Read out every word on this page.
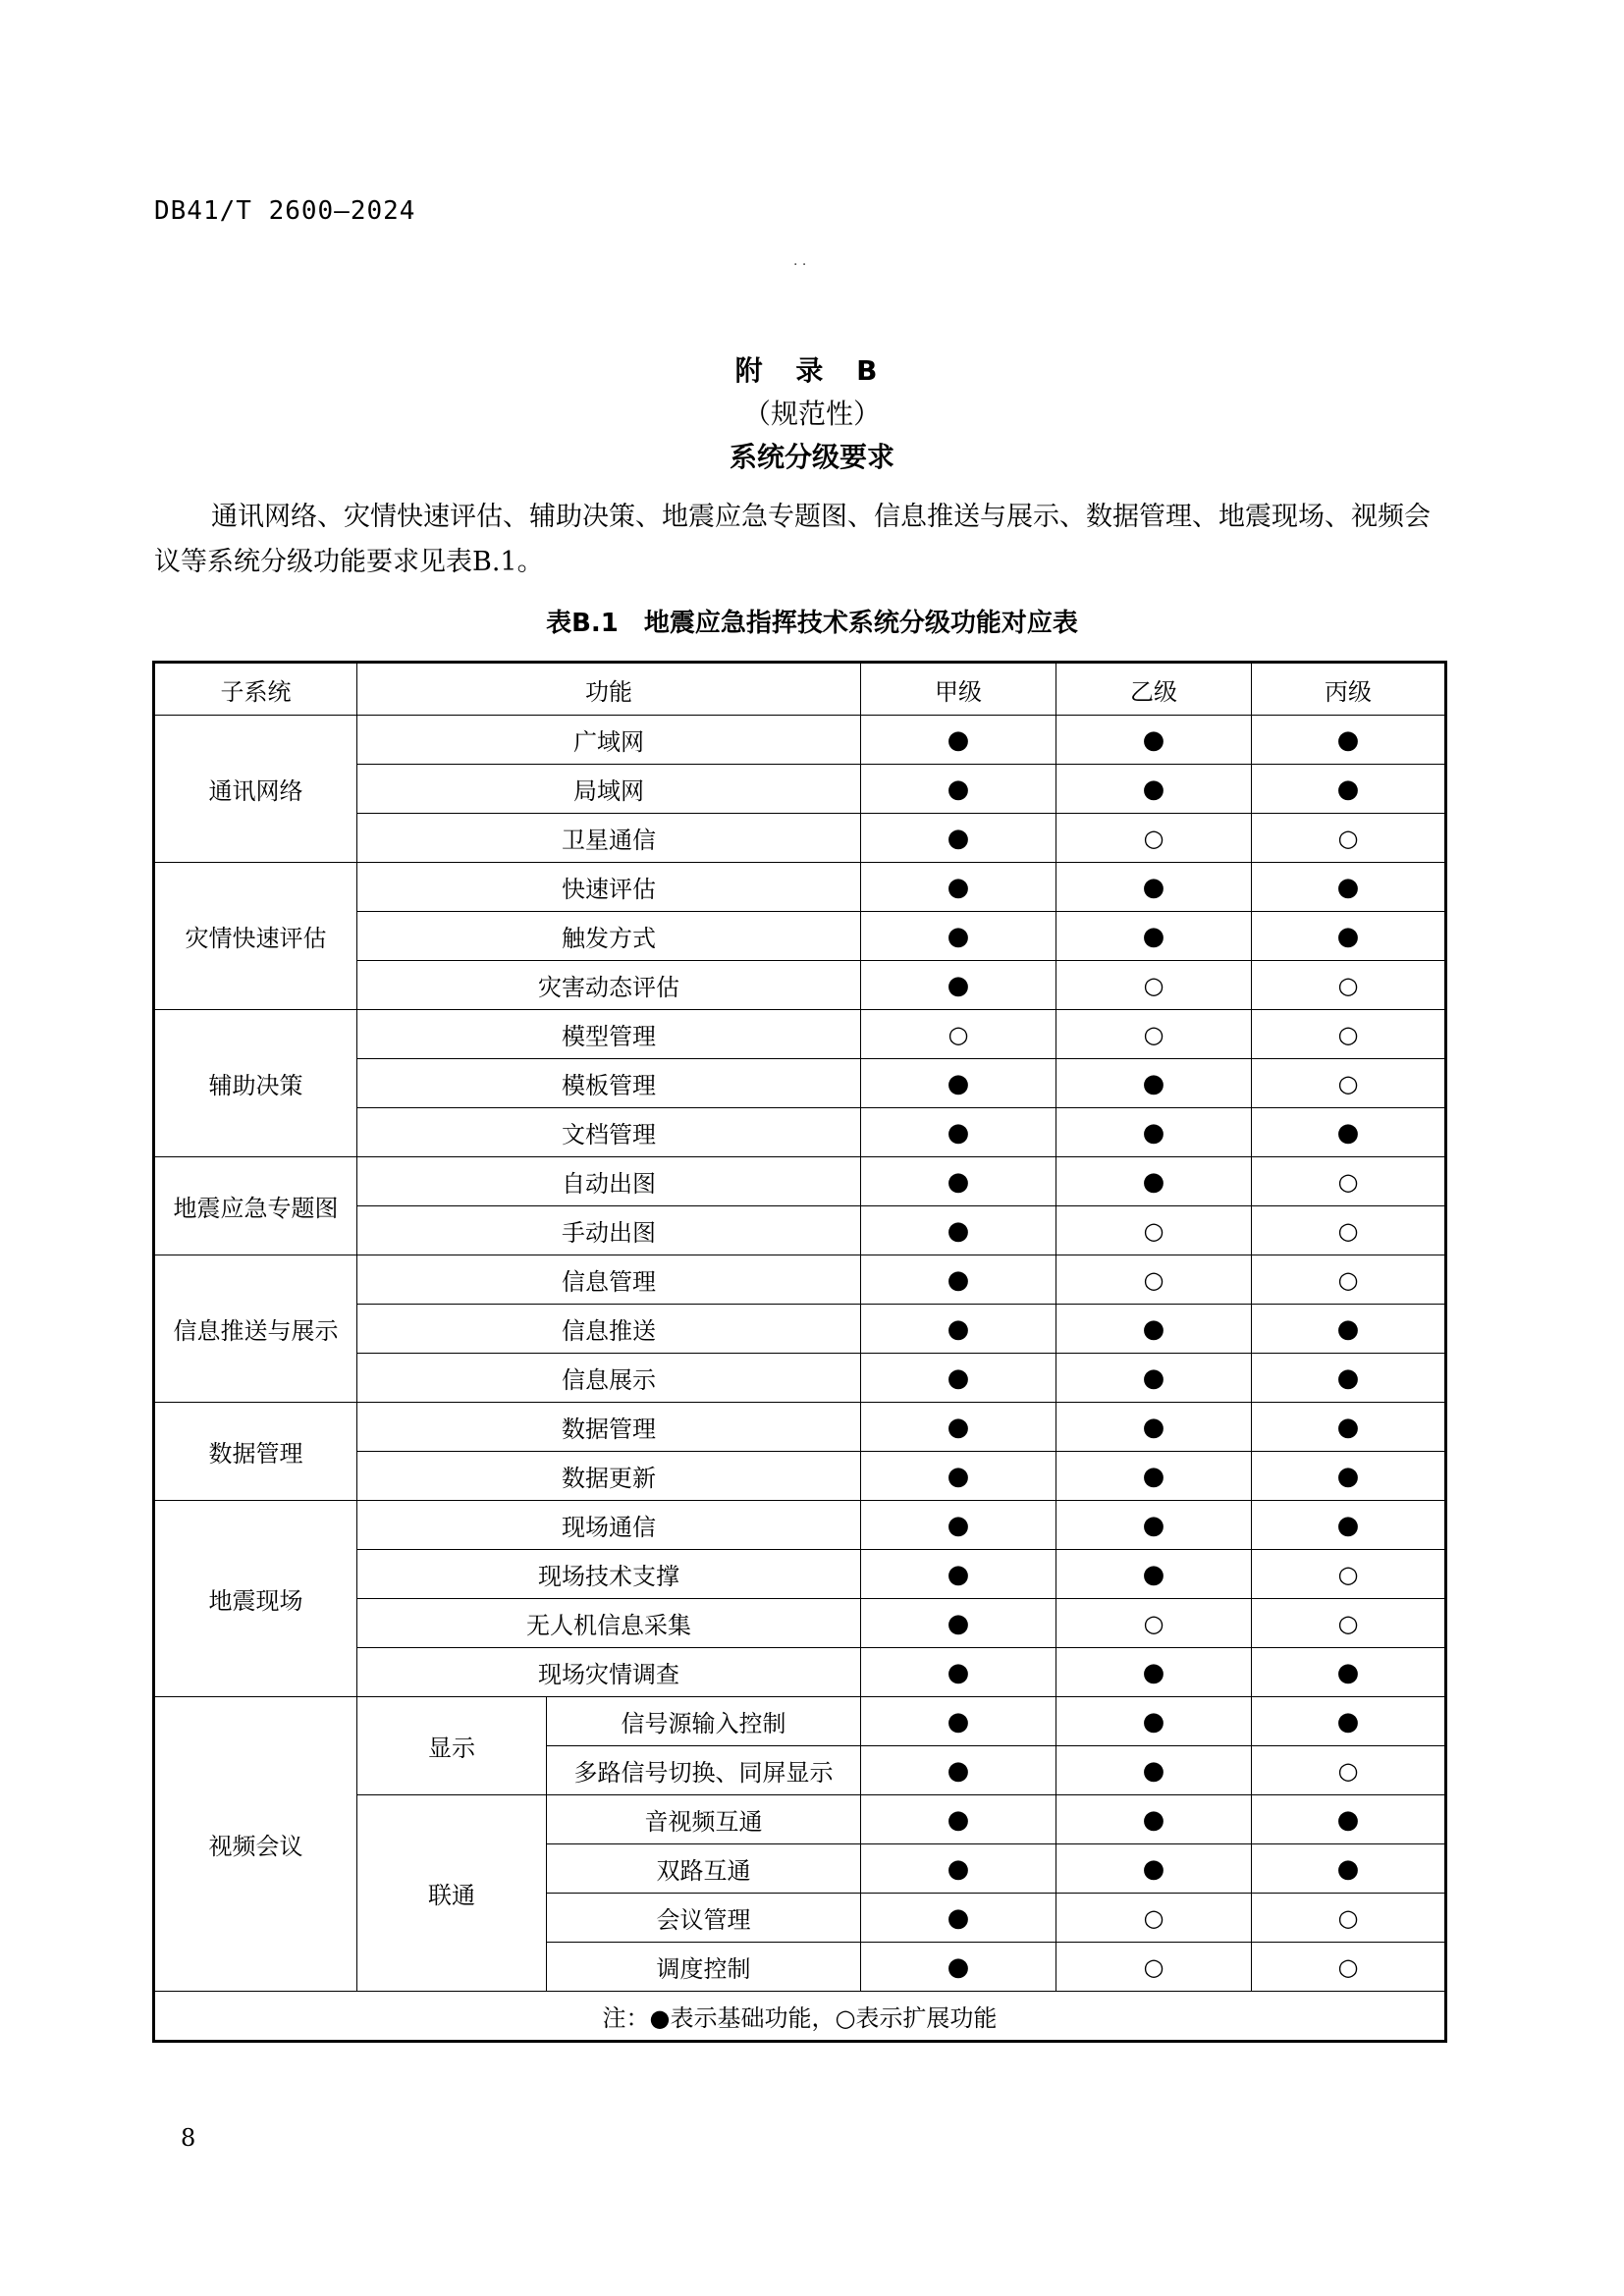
DB41/T 2600—2024
· ·
附 录 B
（规范性）
系统分级要求

通讯网络、灾情快速评估、辅助决策、地震应急专题图、信息推送与展示、数据管理、地震现场、视频会议等系统分级功能要求见表B.1。

表B.1　地震应急指挥技术系统分级功能对应表
子系统	功能		甲级	乙级	丙级
通讯网络	广域网		●	●	●
	局域网		●	●	●
	卫星通信		●	○	○
灾情快速评估	快速评估		●	●	●
	触发方式		●	●	●
	灾害动态评估		●	○	○
辅助决策	模型管理		○	○	○
	模板管理		●	●	○
	文档管理		●	●	●
地震应急专题图	自动出图		●	●	○
	手动出图		●	○	○
信息推送与展示	信息管理		●	○	○
	信息推送		●	●	●
	信息展示		●	●	●
数据管理	数据管理		●	●	●
	数据更新		●	●	●
地震现场	现场通信		●	●	●
	现场技术支撑		●	●	○
	无人机信息采集		●	○	○
	现场灾情调查		●	●	●
视频会议	显示	信号源输入控制	●	●	●
		多路信号切换、同屏显示	●	●	○
	联通	音视频互通	●	●	●
		双路互通	●	●	●
		会议管理	●	○	○
		调度控制	●	○	○
注：●表示基础功能，○表示扩展功能					
8
